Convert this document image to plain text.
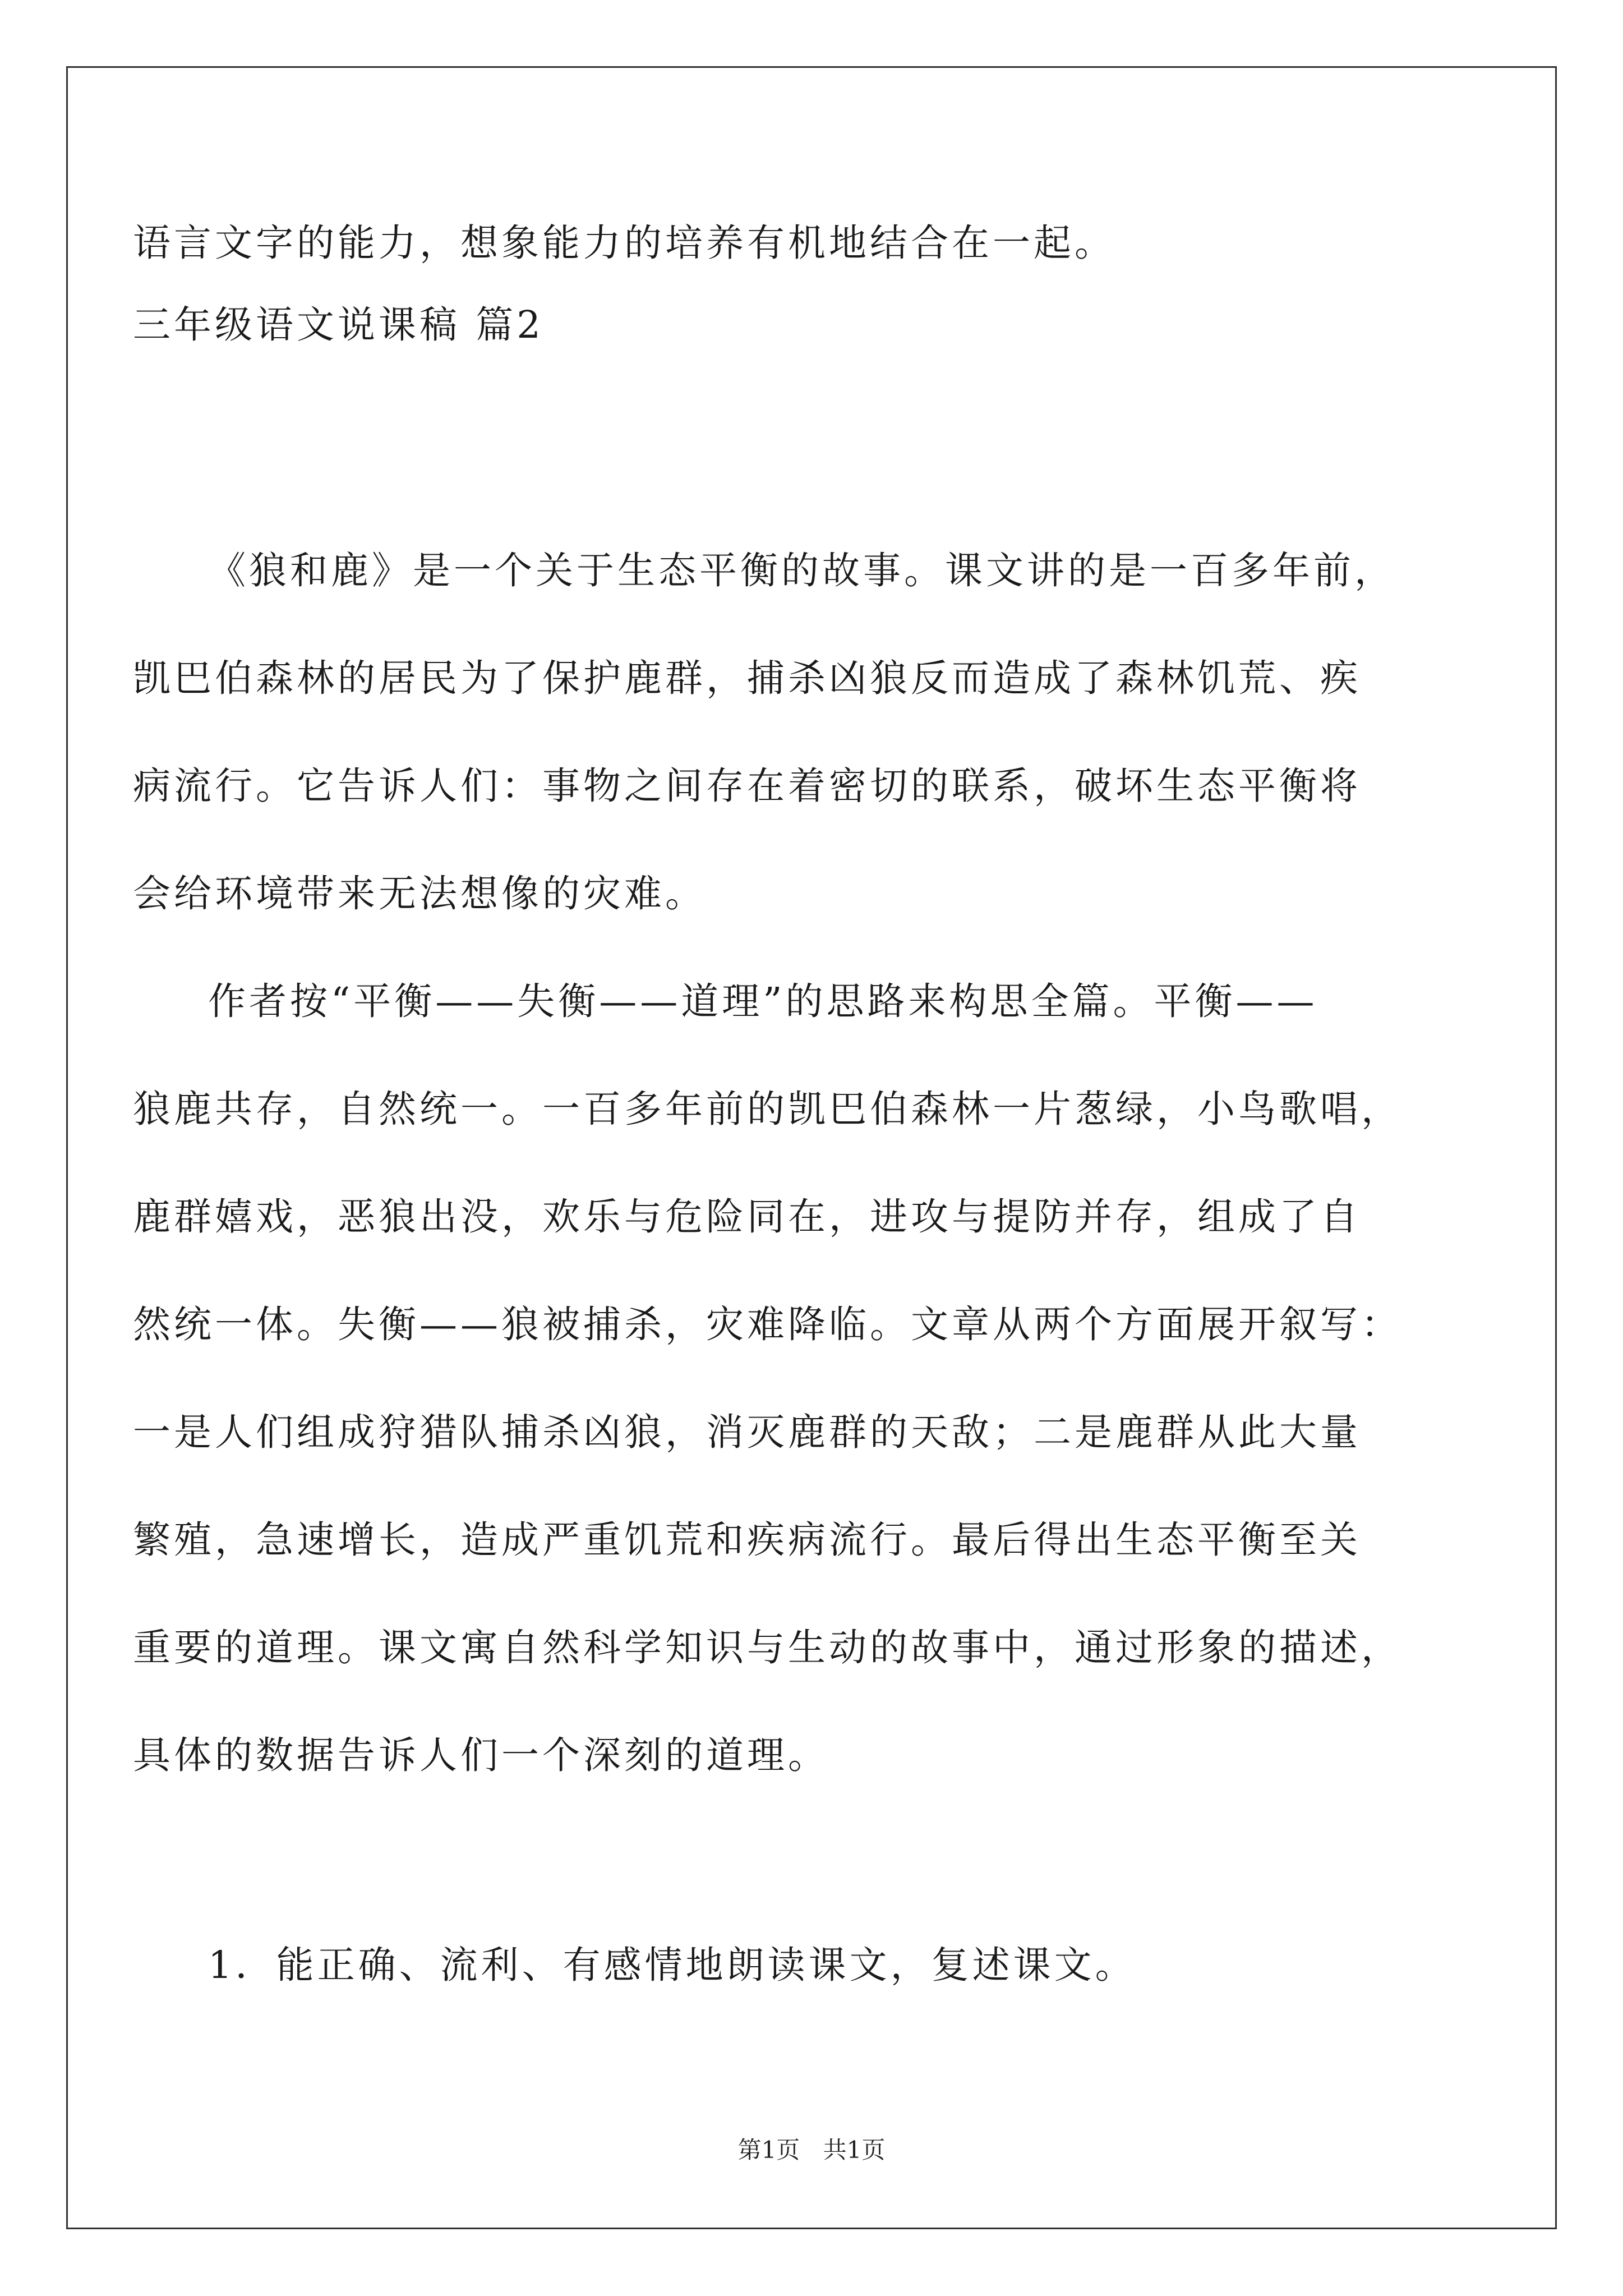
语言文字的能力，想象能力的培养有机地结合在一起。
三年级语文说课稿 篇2
《狼和鹿》是一个关于生态平衡的故事。课文讲的是一百多年前，
凯巴伯森林的居民为了保护鹿群，捕杀凶狼反而造成了森林饥荒、疾
病流行。它告诉人们：事物之间存在着密切的联系，破坏生态平衡将
会给环境带来无法想像的灾难。
作者按“平衡——失衡——道理”的思路来构思全篇。平衡——
狼鹿共存，自然统一。一百多年前的凯巴伯森林一片葱绿，小鸟歌唱，
鹿群嬉戏，恶狼出没，欢乐与危险同在，进攻与提防并存，组成了自
然统一体。失衡——狼被捕杀，灾难降临。文章从两个方面展开叙写：
一是人们组成狩猎队捕杀凶狼，消灭鹿群的天敌；二是鹿群从此大量
繁殖，急速增长，造成严重饥荒和疾病流行。最后得出生态平衡至关
重要的道理。课文寓自然科学知识与生动的故事中，通过形象的描述，
具体的数据告诉人们一个深刻的道理。
1．能正确、流利、有感情地朗读课文，复述课文。
第1页 共1页
